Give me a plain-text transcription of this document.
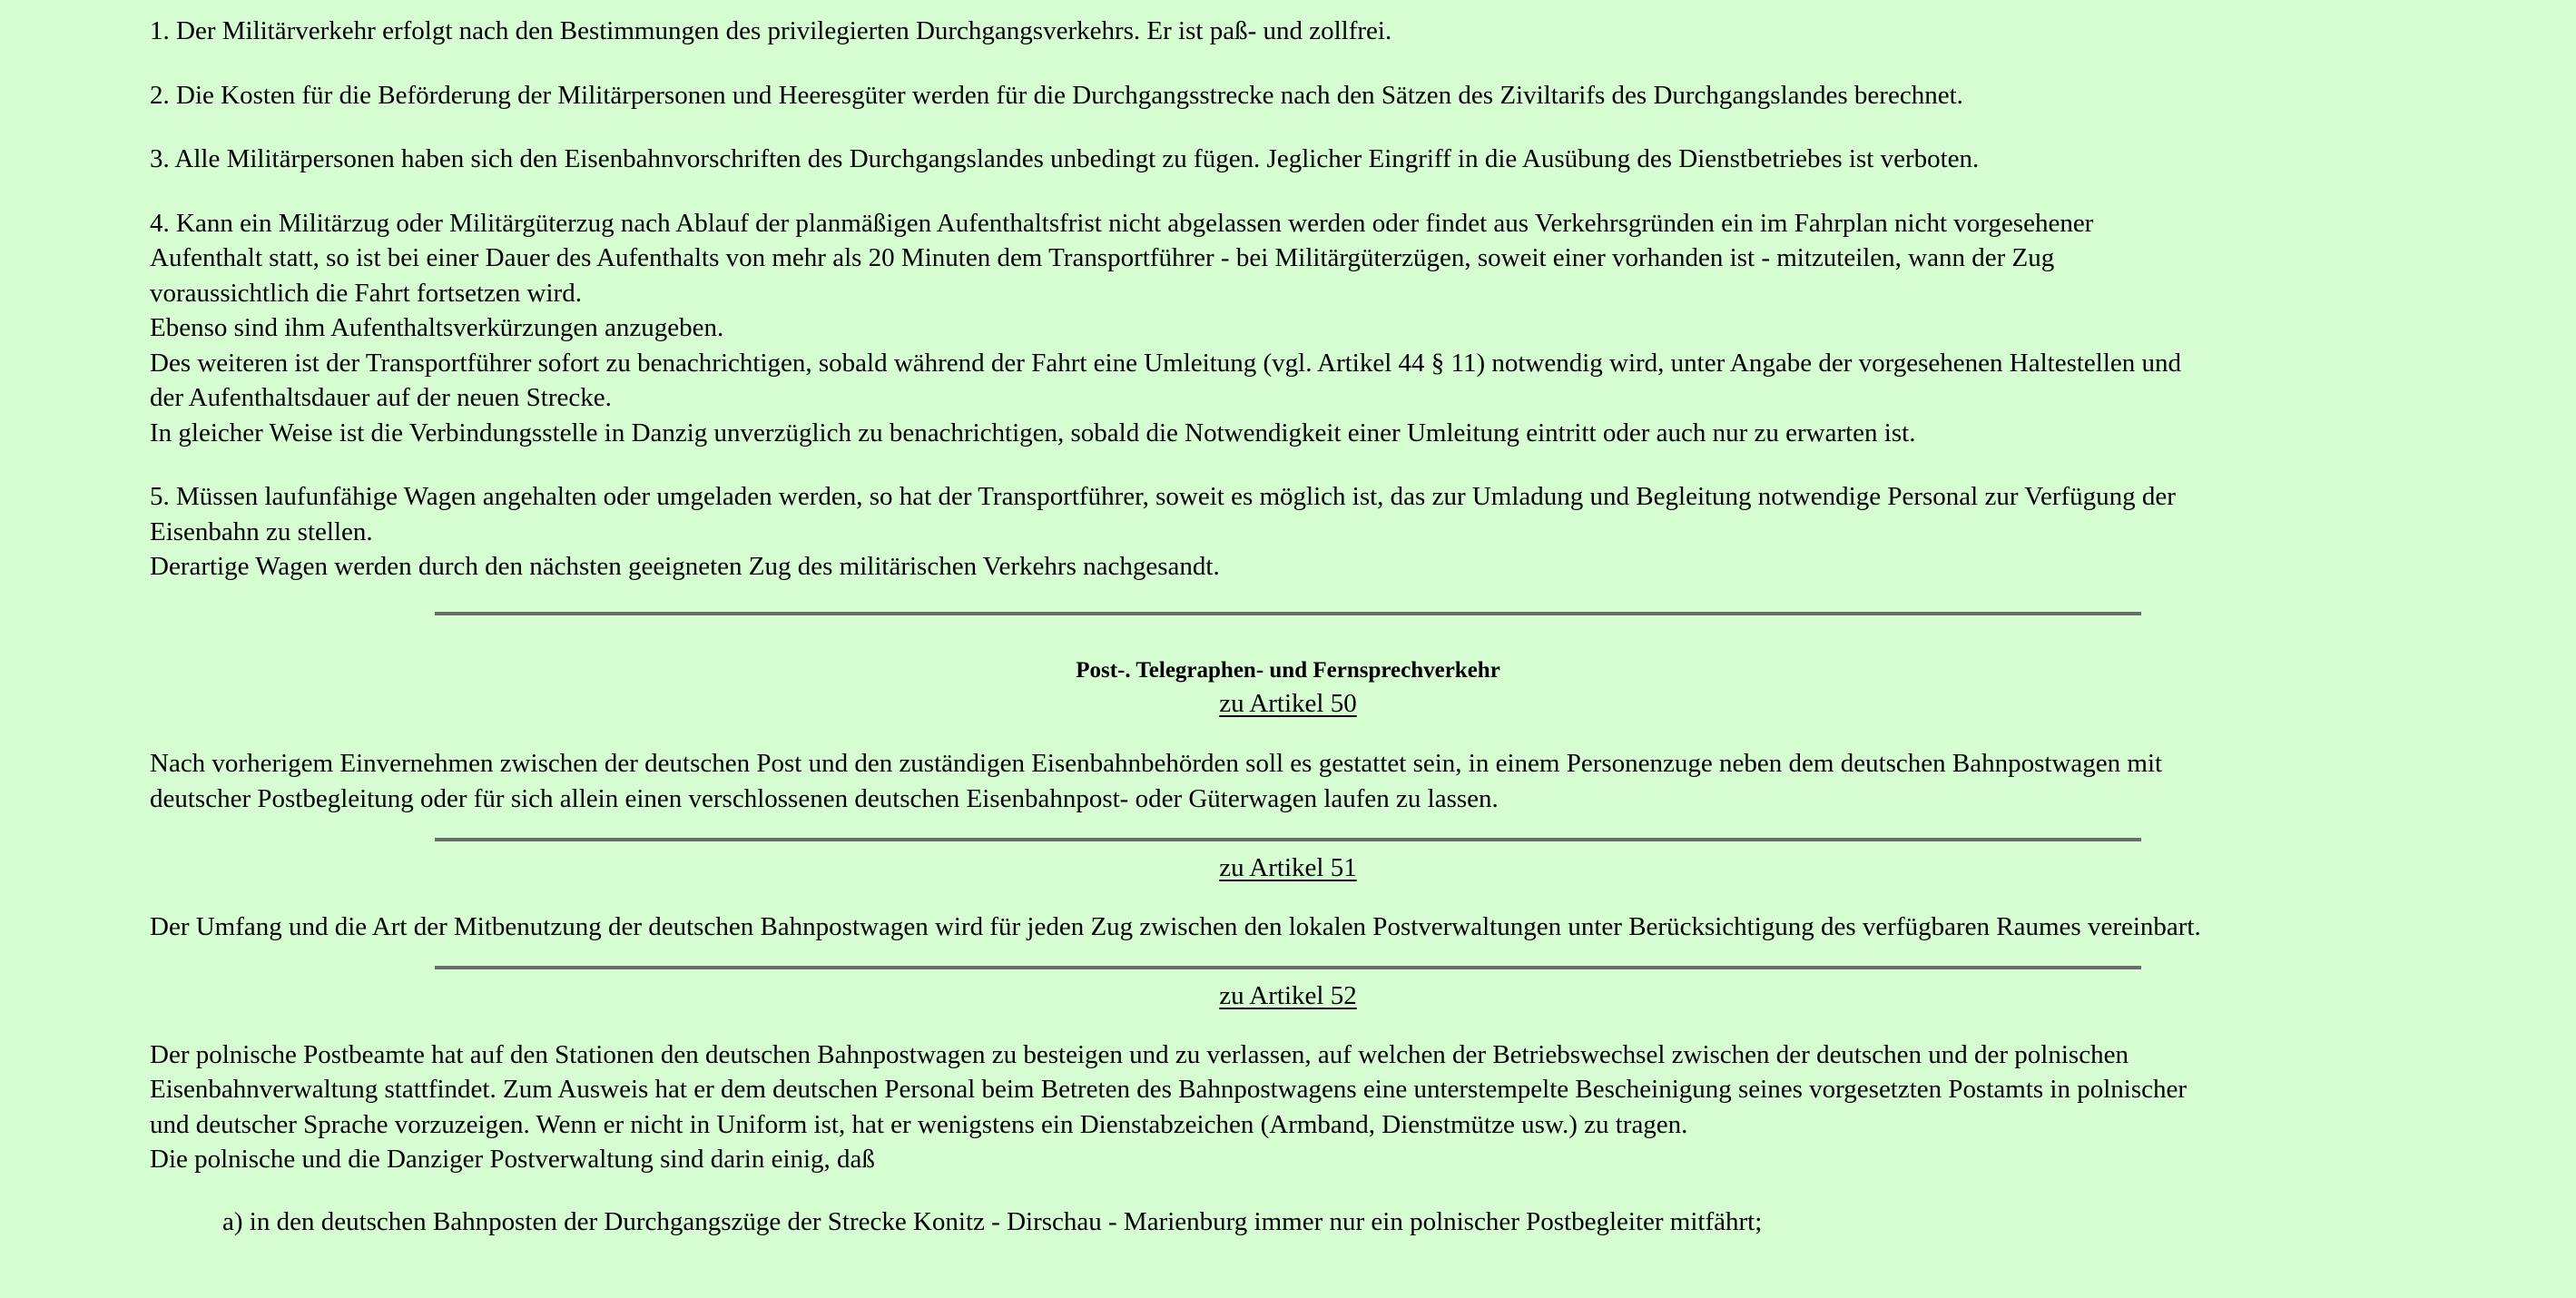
1. Der Militärverkehr erfolgt nach den Bestimmungen des privilegierten Durchgangsverkehrs. Er ist paß- und zollfrei.

2. Die Kosten für die Beförderung der Militärpersonen und Heeresgüter werden für die Durchgangsstrecke nach den Sätzen des Ziviltarifs des Durchgangslandes berechnet.

3. Alle Militärpersonen haben sich den Eisenbahnvorschriften des Durchgangslandes unbedingt zu fügen. Jeglicher Eingriff in die Ausübung des Dienstbetriebes ist verboten.

4. Kann ein Militärzug oder Militärgüterzug nach Ablauf der planmäßigen Aufenthaltsfrist nicht abgelassen werden oder findet aus Verkehrsgründen ein im Fahrplan nicht vorgesehener
Aufenthalt statt, so ist bei einer Dauer des Aufenthalts von mehr als 20 Minuten dem Transportführer - bei Militärgüterzügen, soweit einer vorhanden ist - mitzuteilen, wann der Zug
voraussichtlich die Fahrt fortsetzen wird.
Ebenso sind ihm Aufenthaltsverkürzungen anzugeben.
Des weiteren ist der Transportführer sofort zu benachrichtigen, sobald während der Fahrt eine Umleitung (vgl. Artikel 44 § 11) notwendig wird, unter Angabe der vorgesehenen Haltestellen und
der Aufenthaltsdauer auf der neuen Strecke.
In gleicher Weise ist die Verbindungsstelle in Danzig unverzüglich zu benachrichtigen, sobald die Notwendigkeit einer Umleitung eintritt oder auch nur zu erwarten ist.

5. Müssen laufunfähige Wagen angehalten oder umgeladen werden, so hat der Transportführer, soweit es möglich ist, das zur Umladung und Begleitung notwendige Personal zur Verfügung der
Eisenbahn zu stellen.
Derartige Wagen werden durch den nächsten geeigneten Zug des militärischen Verkehrs nachgesandt.

Post-. Telegraphen- und Fernsprechverkehr
zu Artikel 50

Nach vorherigem Einvernehmen zwischen der deutschen Post und den zuständigen Eisenbahnbehörden soll es gestattet sein, in einem Personenzuge neben dem deutschen Bahnpostwagen mit
deutscher Postbegleitung oder für sich allein einen verschlossenen deutschen Eisenbahnpost- oder Güterwagen laufen zu lassen.

zu Artikel 51

Der Umfang und die Art der Mitbenutzung der deutschen Bahnpostwagen wird für jeden Zug zwischen den lokalen Postverwaltungen unter Berücksichtigung des verfügbaren Raumes vereinbart.

zu Artikel 52

Der polnische Postbeamte hat auf den Stationen den deutschen Bahnpostwagen zu besteigen und zu verlassen, auf welchen der Betriebswechsel zwischen der deutschen und der polnischen
Eisenbahnverwaltung stattfindet. Zum Ausweis hat er dem deutschen Personal beim Betreten des Bahnpostwagens eine unterstempelte Bescheinigung seines vorgesetzten Postamts in polnischer
und deutscher Sprache vorzuzeigen. Wenn er nicht in Uniform ist, hat er wenigstens ein Dienstabzeichen (Armband, Dienstmütze usw.) zu tragen.
Die polnische und die Danziger Postverwaltung sind darin einig, daß

a) in den deutschen Bahnposten der Durchgangszüge der Strecke Konitz - Dirschau - Marienburg immer nur ein polnischer Postbegleiter mitfährt;
